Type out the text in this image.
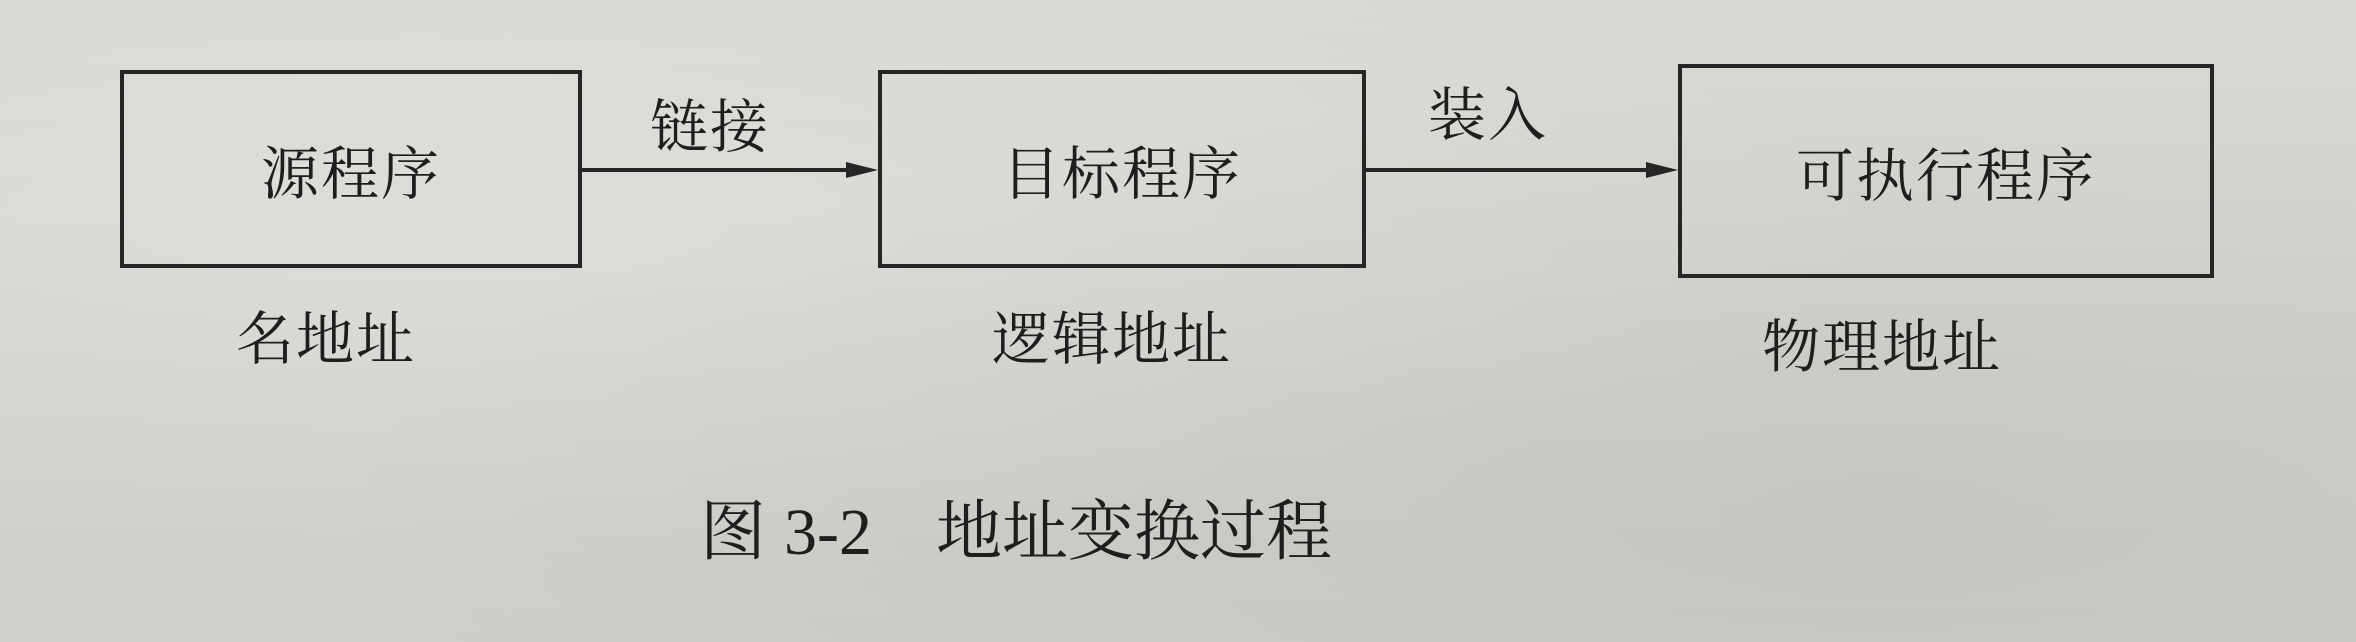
源程序	目标程序	可执行程序
链接	装入
名地址	逻辑地址	物理地址
图 3-2 地址变换过程
